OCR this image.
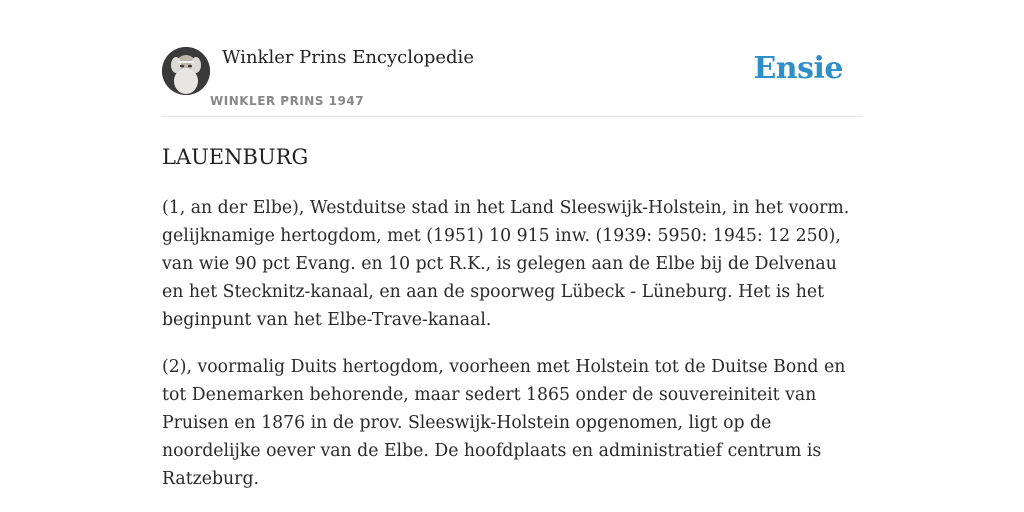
Winkler Prins Encyclopedie
WINKLER PRINS 1947
Ensie
LAUENBURG

(1, an der Elbe), Westduitse stad in het Land Sleeswijk-Holstein, in het voorm. gelijknamige hertogdom, met (1951) 10 915 inw. (1939: 5950: 1945: 12 250), van wie 90 pct Evang. en 10 pct R.K., is gelegen aan de Elbe bij de Delvenau en het Stecknitz-kanaal, en aan de spoorweg Lübeck - Lüneburg. Het is het beginpunt van het Elbe-Trave-kanaal.

(2), voormalig Duits hertogdom, voorheen met Holstein tot de Duitse Bond en tot Denemarken behorende, maar sedert 1865 onder de souvereiniteit van Pruisen en 1876 in de prov. Sleeswijk-Holstein opgenomen, ligt op de noordelijke oever van de Elbe. De hoofdplaats en administratief centrum is Ratzeburg.
